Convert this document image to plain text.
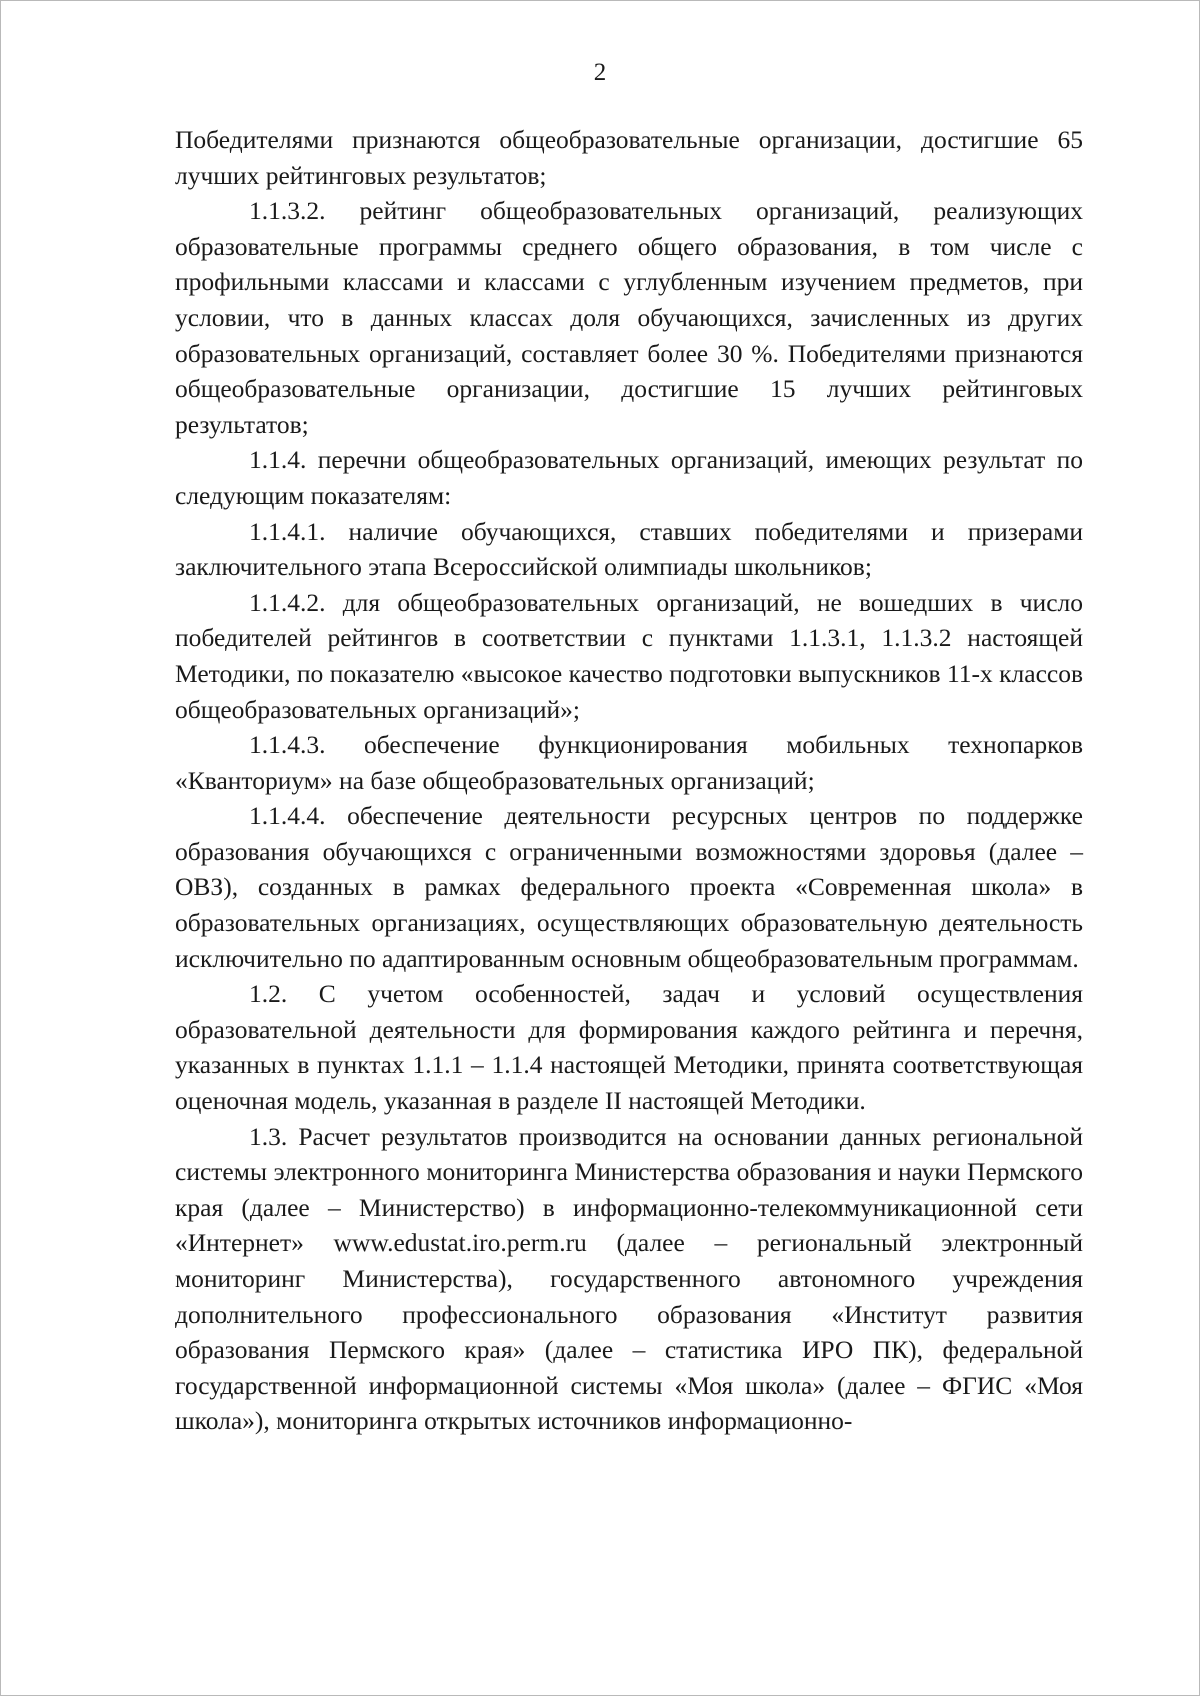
2

Победителями признаются общеобразовательные организации, достигшие 65 лучших рейтинговых результатов;

1.1.3.2. рейтинг общеобразовательных организаций, реализующих образовательные программы среднего общего образования, в том числе с профильными классами и классами с углубленным изучением предметов, при условии, что в данных классах доля обучающихся, зачисленных из других образовательных организаций, составляет более 30 %. Победителями признаются общеобразовательные организации, достигшие 15 лучших рейтинговых результатов;

1.1.4. перечни общеобразовательных организаций, имеющих результат по следующим показателям:

1.1.4.1. наличие обучающихся, ставших победителями и призерами заключительного этапа Всероссийской олимпиады школьников;

1.1.4.2. для общеобразовательных организаций, не вошедших в число победителей рейтингов в соответствии с пунктами 1.1.3.1, 1.1.3.2 настоящей Методики, по показателю «высокое качество подготовки выпускников 11-х классов общеобразовательных организаций»;

1.1.4.3. обеспечение функционирования мобильных технопарков «Кванториум» на базе общеобразовательных организаций;

1.1.4.4. обеспечение деятельности ресурсных центров по поддержке образования обучающихся с ограниченными возможностями здоровья (далее – ОВЗ), созданных в рамках федерального проекта «Современная школа» в образовательных организациях, осуществляющих образовательную деятельность исключительно по адаптированным основным общеобразовательным программам.

1.2. С учетом особенностей, задач и условий осуществления образовательной деятельности для формирования каждого рейтинга и перечня, указанных в пунктах 1.1.1 – 1.1.4 настоящей Методики, принята соответствующая оценочная модель, указанная в разделе II настоящей Методики.

1.3. Расчет результатов производится на основании данных региональной системы электронного мониторинга Министерства образования и науки Пермского края (далее – Министерство) в информационно-телекоммуникационной сети «Интернет» www.edustat.iro.perm.ru (далее – региональный электронный мониторинг Министерства), государственного автономного учреждения дополнительного профессионального образования «Институт развития образования Пермского края» (далее – статистика ИРО ПК), федеральной государственной информационной системы «Моя школа» (далее – ФГИС «Моя школа»), мониторинга открытых источников информационно-
